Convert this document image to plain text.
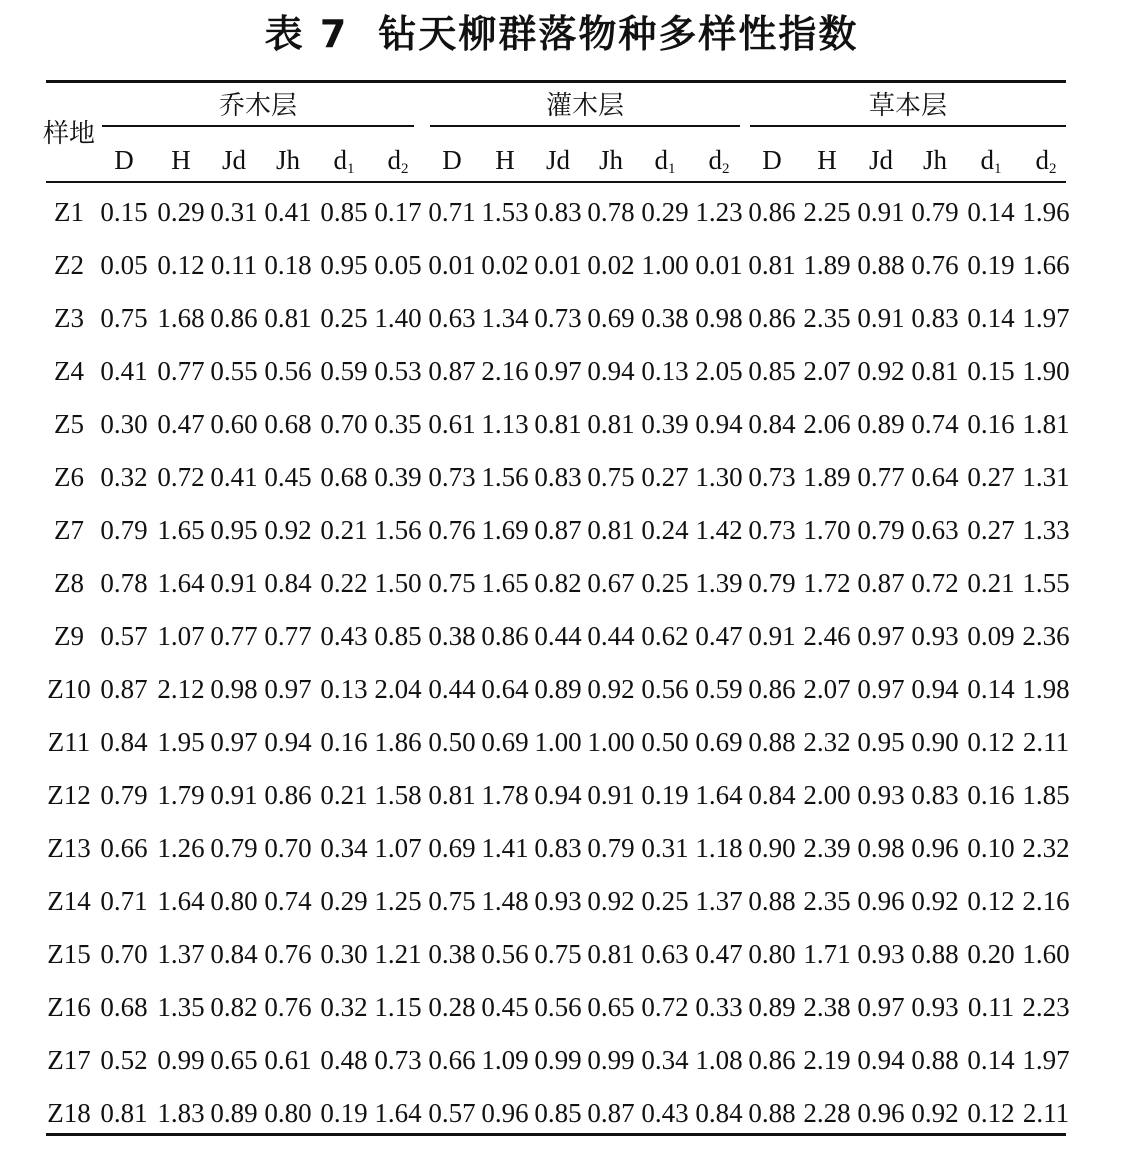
表 7 钻天柳群落物种多样性指数
样地
乔木层	灌木层	草本层
D	H	Jd	Jh	$d_1$	$d_2$	D	H	Jd	Jh	$d_1$	$d_2$	D	H	Jd	Jh	$d_1$	$d_2$
Z1 0.15 0.29 0.31 0.41 0.85 0.17 0.71 1.53 0.83 0.78 0.29 1.23 0.86 2.25 0.91 0.79 0.14 1.96
Z2 0.05 0.12 0.11 0.18 0.95 0.05 0.01 0.02 0.01 0.02 1.00 0.01 0.81 1.89 0.88 0.76 0.19 1.66
Z3 0.75 1.68 0.86 0.81 0.25 1.40 0.63 1.34 0.73 0.69 0.38 0.98 0.86 2.35 0.91 0.83 0.14 1.97
Z4 0.41 0.77 0.55 0.56 0.59 0.53 0.87 2.16 0.97 0.94 0.13 2.05 0.85 2.07 0.92 0.81 0.15 1.90
Z5 0.30 0.47 0.60 0.68 0.70 0.35 0.61 1.13 0.81 0.81 0.39 0.94 0.84 2.06 0.89 0.74 0.16 1.81
Z6 0.32 0.72 0.41 0.45 0.68 0.39 0.73 1.56 0.83 0.75 0.27 1.30 0.73 1.89 0.77 0.64 0.27 1.31
Z7 0.79 1.65 0.95 0.92 0.21 1.56 0.76 1.69 0.87 0.81 0.24 1.42 0.73 1.70 0.79 0.63 0.27 1.33
Z8 0.78 1.64 0.91 0.84 0.22 1.50 0.75 1.65 0.82 0.67 0.25 1.39 0.79 1.72 0.87 0.72 0.21 1.55
Z9 0.57 1.07 0.77 0.77 0.43 0.85 0.38 0.86 0.44 0.44 0.62 0.47 0.91 2.46 0.97 0.93 0.09 2.36
Z10 0.87 2.12 0.98 0.97 0.13 2.04 0.44 0.64 0.89 0.92 0.56 0.59 0.86 2.07 0.97 0.94 0.14 1.98
Z11 0.84 1.95 0.97 0.94 0.16 1.86 0.50 0.69 1.00 1.00 0.50 0.69 0.88 2.32 0.95 0.90 0.12 2.11
Z12 0.79 1.79 0.91 0.86 0.21 1.58 0.81 1.78 0.94 0.91 0.19 1.64 0.84 2.00 0.93 0.83 0.16 1.85
Z13 0.66 1.26 0.79 0.70 0.34 1.07 0.69 1.41 0.83 0.79 0.31 1.18 0.90 2.39 0.98 0.96 0.10 2.32
Z14 0.71 1.64 0.80 0.74 0.29 1.25 0.75 1.48 0.93 0.92 0.25 1.37 0.88 2.35 0.96 0.92 0.12 2.16
Z15 0.70 1.37 0.84 0.76 0.30 1.21 0.38 0.56 0.75 0.81 0.63 0.47 0.80 1.71 0.93 0.88 0.20 1.60
Z16 0.68 1.35 0.82 0.76 0.32 1.15 0.28 0.45 0.56 0.65 0.72 0.33 0.89 2.38 0.97 0.93 0.11 2.23
Z17 0.52 0.99 0.65 0.61 0.48 0.73 0.66 1.09 0.99 0.99 0.34 1.08 0.86 2.19 0.94 0.88 0.14 1.97
Z18 0.81 1.83 0.89 0.80 0.19 1.64 0.57 0.96 0.85 0.87 0.43 0.84 0.88 2.28 0.96 0.92 0.12 2.11
